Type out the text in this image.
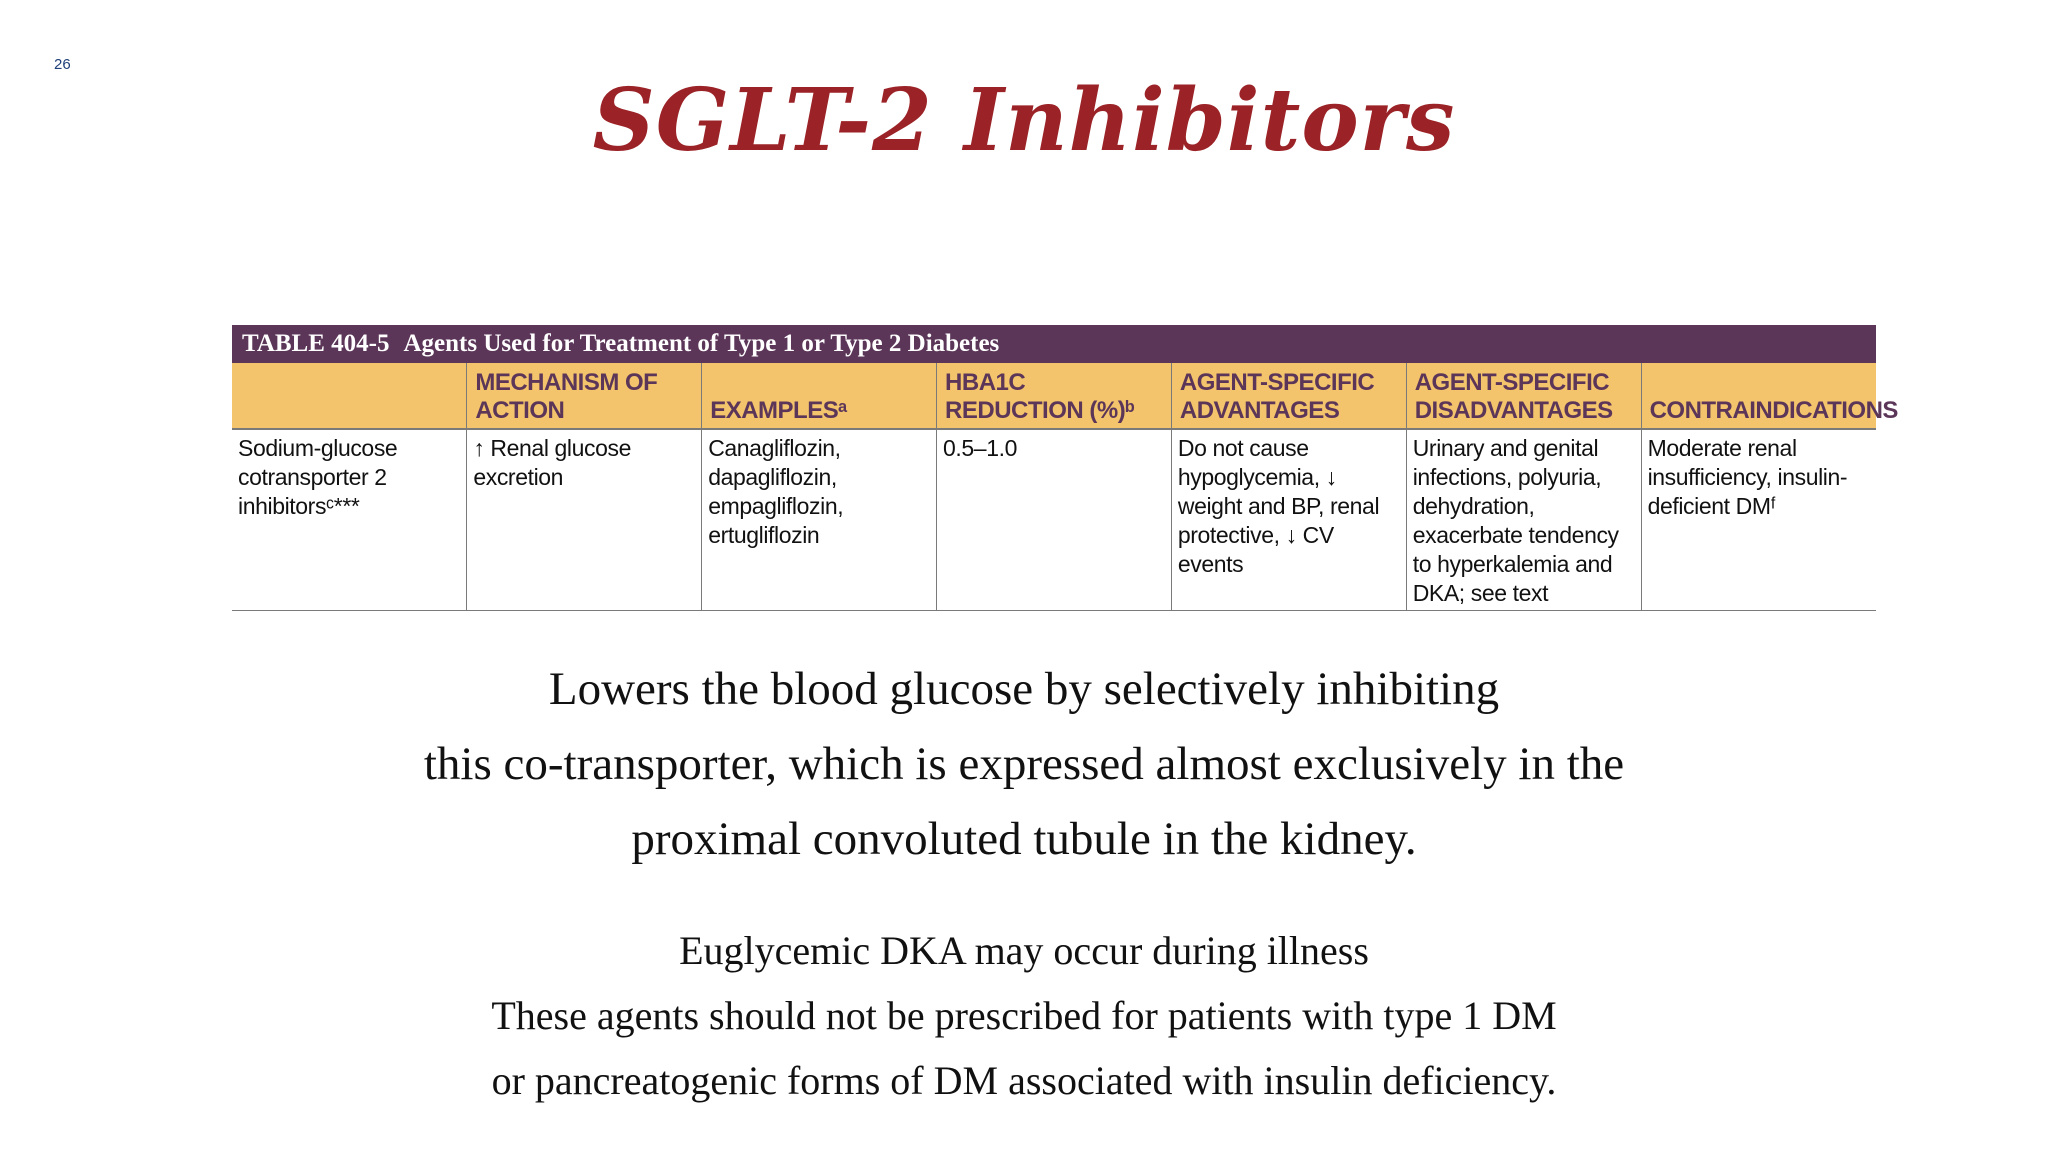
26
SGLT-2 Inhibitors
TABLE 404-5 Agents Used for Treatment of Type 1 or Type 2 Diabetes
	MECHANISM OF ACTION	EXAMPLESᵃ	HBA1C REDUCTION (%)ᵇ	AGENT-SPECIFIC ADVANTAGES	AGENT-SPECIFIC DISADVANTAGES	CONTRAINDICATIONS
Sodium-glucose cotransporter 2 inhibitorsᶜ***	↑ Renal glucose excretion	Canagliflozin, dapagliflozin, empagliflozin, ertugliflozin	0.5–1.0	Do not cause hypoglycemia, ↓ weight and BP, renal protective, ↓ CV events	Urinary and genital infections, polyuria, dehydration, exacerbate tendency to hyperkalemia and DKA; see text	Moderate renal insufficiency, insulin-deficient DMᶠ
Lowers the blood glucose by selectively inhibiting
this co-transporter, which is expressed almost exclusively in the
proximal convoluted tubule in the kidney.
Euglycemic DKA may occur during illness
These agents should not be prescribed for patients with type 1 DM
or pancreatogenic forms of DM associated with insulin deficiency.
